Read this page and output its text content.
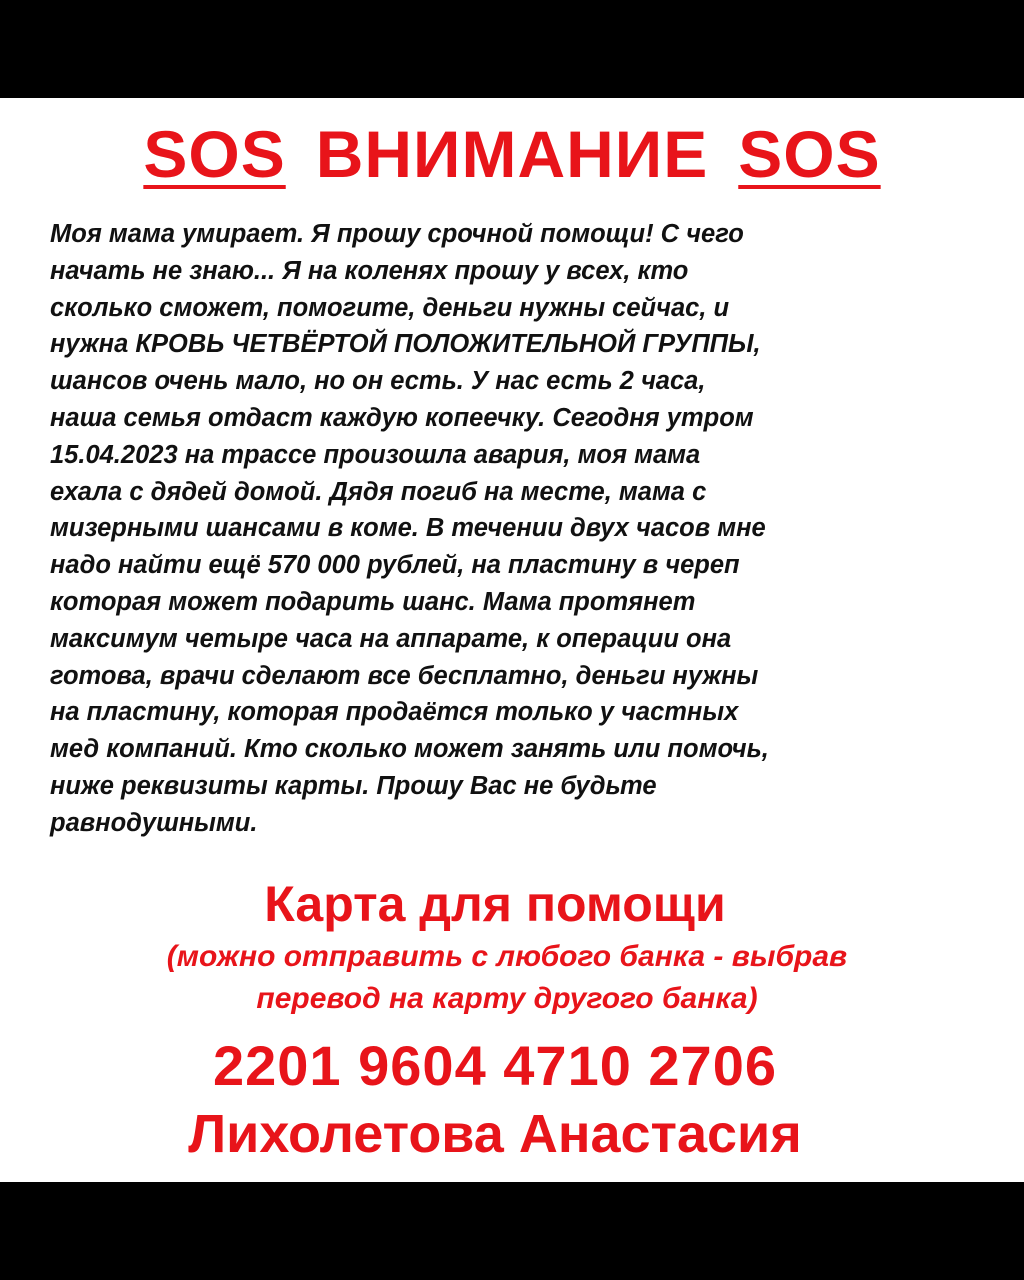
SOS ВНИМАНИЕ SOS

Моя мама умирает. Я прошу срочной помощи! С чего
начать не знаю... Я на коленях прошу у всех, кто
сколько сможет, помогите, деньги нужны сейчас, и
нужна КРОВЬ ЧЕТВЁРТОЙ ПОЛОЖИТЕЛЬНОЙ ГРУППЫ,
шансов очень мало, но он есть. У нас есть 2 часа,
наша семья отдаст каждую копеечку. Сегодня утром
15.04.2023 на трассе произошла авария, моя мама
ехала с дядей домой. Дядя погиб на месте, мама с
мизерными шансами в коме. В течении двух часов мне
надо найти ещё 570 000 рублей, на пластину в череп
которая может подарить шанс. Мама протянет
максимум четыре часа на аппарате, к операции она
готова, врачи сделают все бесплатно, деньги нужны
на пластину, которая продаётся только у частных
мед компаний. Кто сколько может занять или помочь,
ниже реквизиты карты. Прошу Вас не будьте
равнодушными.

Карта для помощи
(можно отправить с любого банка - выбрав
перевод на карту другого банка)
2201 9604 4710 2706
Лихолетова Анастасия
